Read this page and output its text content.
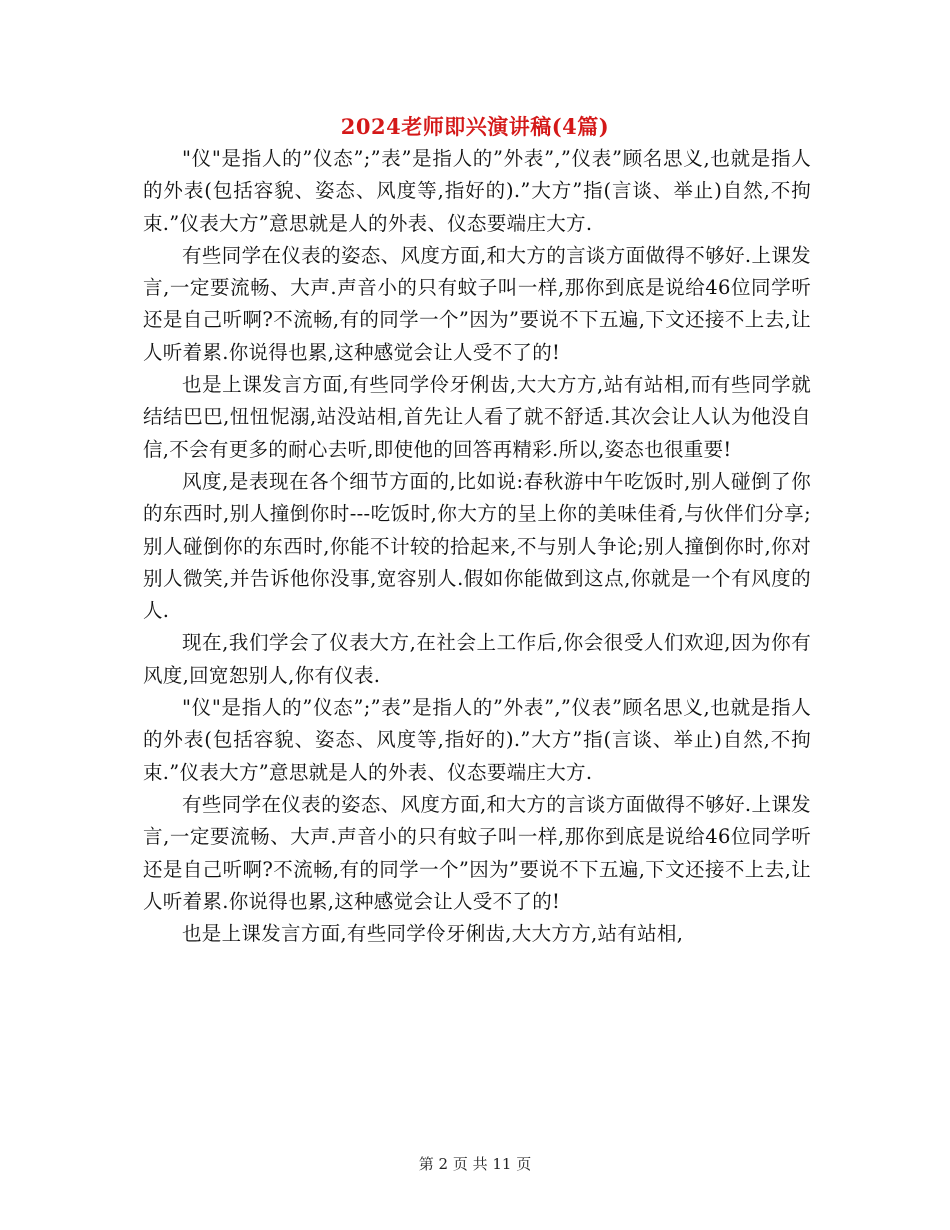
2024老师即兴演讲稿(4篇)

"仪"是指人的”仪态”;”表”是指人的”外表”,”仪表”顾名思义,也就是指人的外表(包括容貌、姿态、风度等,指好的).”大方”指(言谈、举止)自然,不拘束.”仪表大方”意思就是人的外表、仪态要端庄大方.

有些同学在仪表的姿态、风度方面,和大方的言谈方面做得不够好.上课发言,一定要流畅、大声.声音小的只有蚊子叫一样,那你到底是说给46位同学听还是自己听啊?不流畅,有的同学一个”因为”要说不下五遍,下文还接不上去,让人听着累.你说得也累,这种感觉会让人受不了的!

也是上课发言方面,有些同学伶牙俐齿,大大方方,站有站相,而有些同学就结结巴巴,忸忸怩溺,站没站相,首先让人看了就不舒适.其次会让人认为他没自信,不会有更多的耐心去听,即使他的回答再精彩.所以,姿态也很重要!

风度,是表现在各个细节方面的,比如说:春秋游中午吃饭时,别人碰倒了你的东西时,别人撞倒你时---吃饭时,你大方的呈上你的美味佳肴,与伙伴们分享;别人碰倒你的东西时,你能不计较的拾起来,不与别人争论;别人撞倒你时,你对别人微笑,并告诉他你没事,宽容别人.假如你能做到这点,你就是一个有风度的人.

现在,我们学会了仪表大方,在社会上工作后,你会很受人们欢迎,因为你有风度,回宽恕别人,你有仪表.

"仪"是指人的”仪态”;”表”是指人的”外表”,”仪表”顾名思义,也就是指人的外表(包括容貌、姿态、风度等,指好的).”大方”指(言谈、举止)自然,不拘束.”仪表大方”意思就是人的外表、仪态要端庄大方.

有些同学在仪表的姿态、风度方面,和大方的言谈方面做得不够好.上课发言,一定要流畅、大声.声音小的只有蚊子叫一样,那你到底是说给46位同学听还是自己听啊?不流畅,有的同学一个”因为”要说不下五遍,下文还接不上去,让人听着累.你说得也累,这种感觉会让人受不了的!

也是上课发言方面,有些同学伶牙俐齿,大大方方,站有站相,

第 2 页 共 11 页
